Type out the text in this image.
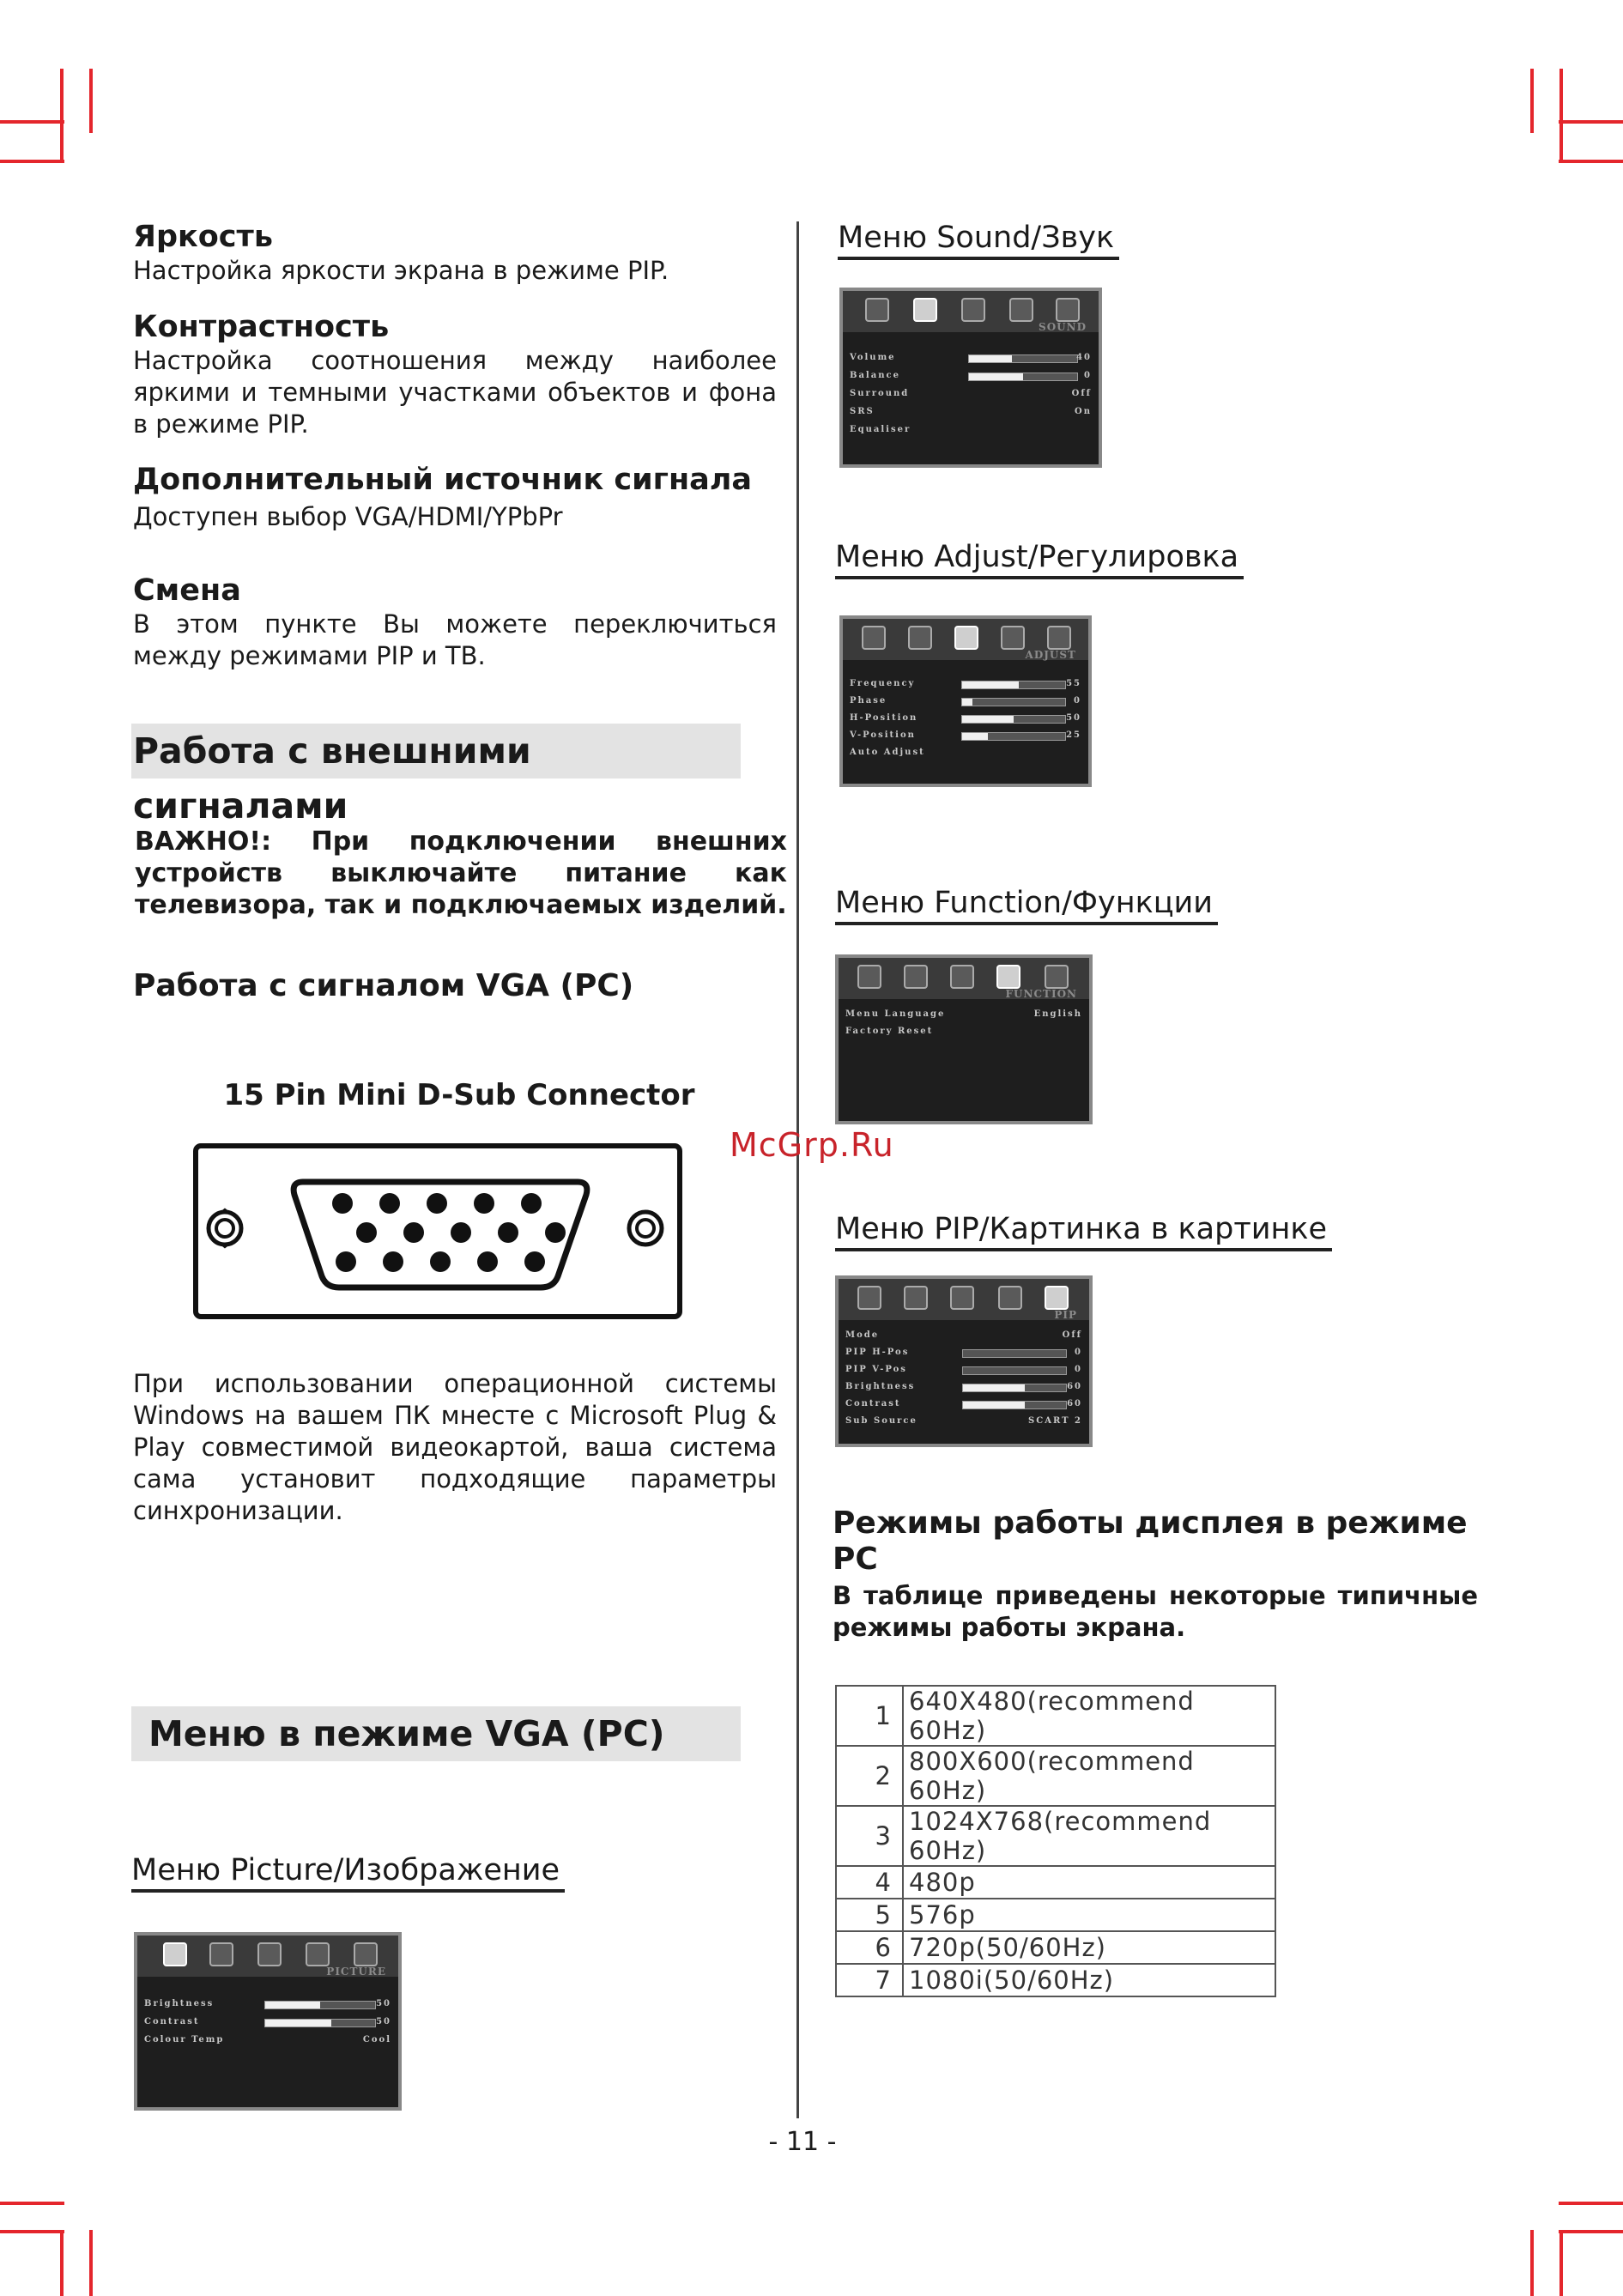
Яркость

Настройка яркости экрана в режиме PIP.

Контрастность

Настройка соотношения между наиболее яркими и темными участками объектов и фона в режиме PIP.

Дополнительный источник сигнала

Доступен выбор VGA/HDMI/YPbPr

Смена

В этом пункте Вы можете переключиться между режимами PIP и ТВ.

Работа с внешними сигналами

ВАЖНО!: При подключении внешних устройств выключайте питание как телевизора, так и подключаемых изделий.

Работа с сигналом VGA (PC)

15 Pin Mini D-Sub Connector

При использовании операционной системы Windows на вашем ПК мнесте с Microsoft Plug & Play совместимой видеокартой, ваша система сама установит подходящие параметры синхронизации.

Меню в пежиме VGA (PC)
Меню Picture/Изображение
PICTURE
Brightness	50
Contrast	50
Colour Temp	Cool
Меню Sound/Звук
SOUND
Volume	40
Balance	0
Surround	Off
SRS	On
Equaliser
Меню Adjust/Регулировка
ADJUST
Frequency	55
Phase	0
H-Position	50
V-Position	25
Auto Adjust
Меню Function/Функции
FUNCTION
Menu Language	English
Factory Reset
McGrp.Ru
Меню PIP/Картинка в картинке
PIP
Mode	Off
PIP H-Pos	0
PIP V-Pos	0
Brightness	60
Contrast	60
Sub Source	SCART 2

Режимы работы дисплея в режиме PC

В таблице приведены некоторые типичные режимы работы экрана.

1	640X480(recommend 60Hz)
2	800X600(recommend 60Hz)
3	1024X768(recommend 60Hz)
4	480p
5	576p
6	720p(50/60Hz)
7	1080i(50/60Hz)
- 11 -
